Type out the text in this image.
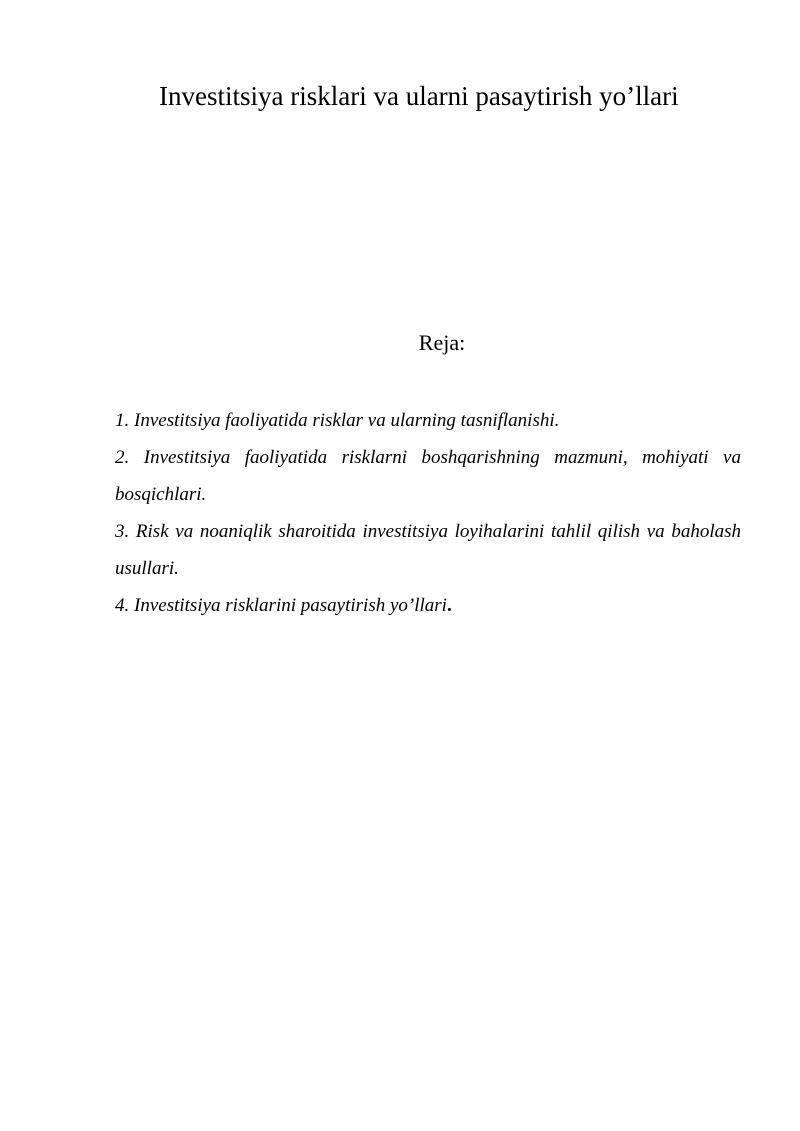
Investitsiya risklari va ularni pasaytirish yo’llari
Reja:
1. Investitsiya faoliyatida risklar va ularning tasniflanishi.
2. Investitsiya faoliyatida risklarni boshqarishning mazmuni, mohiyati va bosqichlari.
3. Risk va noaniqlik sharoitida investitsiya loyihalarini tahlil qilish va baholash usullari.
4. Investitsiya risklarini pasaytirish yo’llari.
